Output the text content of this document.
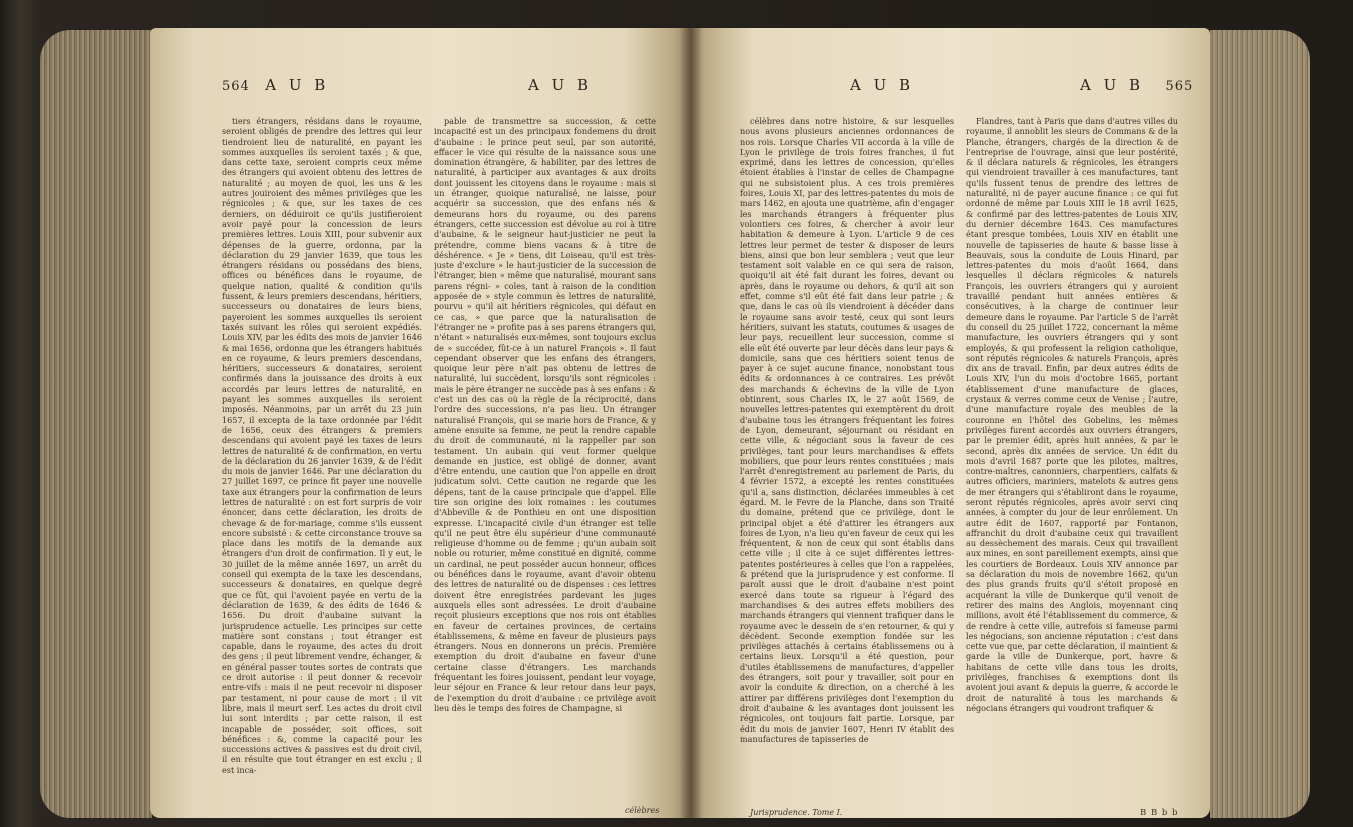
564 A U B	A U B

tiers étrangers, résidans dans le royaume, seroient obligés de prendre des lettres qui leur tiendroient lieu de naturalité, en payant les sommes auxquelles ils seroient taxés ; & que, dans cette taxe, seroient compris ceux même des étrangers qui avoient obtenu des lettres de naturalité ; au moyen de quoi, les uns & les autres jouiroient des mêmes privilèges que les régnicoles ; & que, sur les taxes de ces derniers, on déduiroit ce qu'ils justifieroient avoir payé pour la concession de leurs premières lettres. Louis XIII, pour subvenir aux dépenses de la guerre, ordonna, par la déclaration du 29 janvier 1639, que tous les étrangers résidans ou possédans des biens, offices ou bénéfices dans le royaume, de quelque nation, qualité & condition qu'ils fussent, & leurs premiers descendans, héritiers, successeurs ou donataires de leurs biens, payeroient les sommes auxquelles ils seroient taxés suivant les rôles qui seroient expédiés. Louis XIV, par les édits des mois de janvier 1646 & mai 1656, ordonna que les étrangers habitués en ce royaume, & leurs premiers descendans, héritiers, successeurs & donataires, seroient confirmés dans la jouissance des droits à eux accordés par leurs lettres de naturalité, en payant les sommes auxquelles ils seroient imposés. Néanmoins, par un arrêt du 23 juin 1657, il excepta de la taxe ordonnée par l'édit de 1656, ceux des étrangers & premiers descendans qui avoient payé les taxes de leurs lettres de naturalité & de confirmation, en vertu de la déclaration du 26 janvier 1639, & de l'édit du mois de janvier 1646. Par une déclaration du 27 juillet 1697, ce prince fit payer une nouvelle taxe aux étrangers pour la confirmation de leurs lettres de naturalité : on est fort surpris de voir énoncer, dans cette déclaration, les droits de chevage & de for-mariage, comme s'ils eussent encore subsisté : & cette circonstance trouve sa place dans les motifs de la demande aux étrangers d'un droit de confirmation. Il y eut, le 30 juillet de la même année 1697, un arrêt du conseil qui exempta de la taxe les descendans, successeurs & donataires, en quelque degré que ce fût, qui l'avoient payée en vertu de la déclaration de 1639, & des édits de 1646 & 1656. Du droit d'aubaine suivant la jurisprudence actuelle. Les principes sur cette matière sont constans ; tout étranger est capable, dans le royaume, des actes du droit des gens ; il peut librement vendre, échanger, & en général passer toutes sortes de contrats que ce droit autorise : il peut donner & recevoir entre-vifs : mais il ne peut recevoir ni disposer par testament, ni pour cause de mort : il vit libre, mais il meurt serf. Les actes du droit civil lui sont interdits ; par cette raison, il est incapable de posséder, soit offices, soit bénéfices : &, comme la capacité pour les successions actives & passives est du droit civil, il en résulte que tout étranger en est exclu ; il est inca-

pable de transmettre sa succession, & cette incapacité est un des principaux fondemens du droit d'aubaine : le prince peut seul, par son autorité, effacer le vice qui résulte de la naissance sous une domination étrangère, & habiliter, par des lettres de naturalité, à participer aux avantages & aux droits dont jouissent les citoyens dans le royaume : mais si un étranger, quoique naturalisé, ne laisse, pour acquérir sa succession, que des enfans nés & demeurans hors du royaume, ou des parens étrangers, cette succession est dévolue au roi à titre d'aubaine, & le seigneur haut-justicier ne peut la prétendre, comme biens vacans & à titre de déshérence. « Je » tiens, dit Loiseau, qu'il est très-juste d'exclure » le haut-justicier de la succession de l'étranger, bien » même que naturalisé, mourant sans parens régni- » coles, tant à raison de la condition apposée de » style commun ès lettres de naturalité, pourvu » qu'il ait héritiers régnicoles, qui défaut en ce cas, » que parce que la naturalisation de l'étranger ne » profite pas à ses parens étrangers qui, n'étant » naturalisés eux-mêmes, sont toujours exclus de » succéder, fût-ce à un naturel François ». Il faut cependant observer que les enfans des étrangers, quoique leur père n'ait pas obtenu de lettres de naturalité, lui succèdent, lorsqu'ils sont régnicoles : mais le père étranger ne succède pas à ses enfans : & c'est un des cas où la règle de la réciprocité, dans l'ordre des successions, n'a pas lieu. Un étranger naturalisé François, qui se marie hors de France, & y amène ensuite sa femme, ne peut la rendre capable du droit de communauté, ni la rappeller par son testament. Un aubain qui veut former quelque demande en justice, est obligé de donner, avant d'être entendu, une caution que l'on appelle en droit judicatum solvi. Cette caution ne regarde que les dépens, tant de la cause principale que d'appel. Elle tire son origine des loix romaines : les coutumes d'Abbeville & de Ponthieu en ont une disposition expresse. L'incapacité civile d'un étranger est telle qu'il ne peut être élu supérieur d'une communauté religieuse d'homme ou de femme ; qu'un aubain soit noble ou roturier, même constitué en dignité, comme un cardinal, ne peut posséder aucun honneur, offices ou bénéfices dans le royaume, avant d'avoir obtenu des lettres de naturalité ou de dispenses : ces lettres doivent être enregistrées pardevant les juges auxquels elles sont adressées. Le droit d'aubaine reçoit plusieurs exceptions que nos rois ont établies en faveur de certaines provinces, de certains établissemens, & même en faveur de plusieurs pays étrangers. Nous en donnerons un précis. Première exemption du droit d'aubaine en faveur d'une certaine classe d'étrangers. Les marchands fréquentant les foires jouissent, pendant leur voyage, leur séjour en France & leur retour dans leur pays, de l'exemption du droit d'aubaine : ce privilège avoit lieu dès le temps des foires de Champagne, si

célèbres
A U B	A U B 565

célèbres dans notre histoire, & sur lesquelles nous avons plusieurs anciennes ordonnances de nos rois. Lorsque Charles VII accorda à la ville de Lyon le privilège de trois foires franches, il fut exprimé, dans les lettres de concession, qu'elles étoient établies à l'instar de celles de Champagne qui ne subsistoient plus. A ces trois premières foires, Louis XI, par des lettres-patentes du mois de mars 1462, en ajouta une quatrième, afin d'engager les marchands étrangers à fréquenter plus volontiers ces foires, & chercher à avoir leur habitation & demeure à Lyon. L'article 9 de ces lettres leur permet de tester & disposer de leurs biens, ainsi que bon leur semblera ; veut que leur testament soit valable en ce qui sera de raison, quoiqu'il ait été fait durant les foires, devant ou après, dans le royaume ou dehors, & qu'il ait son effet, comme s'il eût été fait dans leur patrie ; & que, dans le cas où ils viendroient à décéder dans le royaume sans avoir testé, ceux qui sont leurs héritiers, suivant les statuts, coutumes & usages de leur pays, recueillent leur succession, comme si elle eût été ouverte par leur décès dans leur pays & domicile, sans que ces héritiers soient tenus de payer à ce sujet aucune finance, nonobstant tous édits & ordonnances à ce contraires. Les prévôt des marchands & échevins de la ville de Lyon obtinrent, sous Charles IX, le 27 août 1569, de nouvelles lettres-patentes qui exemptèrent du droit d'aubaine tous les étrangers fréquentant les foires de Lyon, demeurant, séjournant ou résidant en cette ville, & négociant sous la faveur de ces privilèges, tant pour leurs marchandises & effets mobiliers, que pour leurs rentes constituées ; mais l'arrêt d'enregistrement au parlement de Paris, du 4 février 1572, a excepté les rentes constituées qu'il a, sans distinction, déclarées immeubles à cet égard. M. le Fevre de la Planche, dans son Traité du domaine, prétend que ce privilège, dont le principal objet a été d'attirer les étrangers aux foires de Lyon, n'a lieu qu'en faveur de ceux qui les fréquentent, & non de ceux qui sont établis dans cette ville ; il cite à ce sujet différentes lettres-patentes postérieures à celles que l'on a rappelées, & prétend que la jurisprudence y est conforme. Il paroît aussi que le droit d'aubaine n'est point exercé dans toute sa rigueur à l'égard des marchandises & des autres effets mobiliers des marchands étrangers qui viennent trafiquer dans le royaume avec le dessein de s'en retourner, & qui y décèdent. Seconde exemption fondée sur les privilèges attachés à certains établissemens ou à certains lieux. Lorsqu'il a été question, pour d'utiles établissemens de manufactures, d'appeller des étrangers, soit pour y travailler, soit pour en avoir la conduite & direction, on a cherché à les attirer par différens privilèges dont l'exemption du droit d'aubaine & les avantages dont jouissent les régnicoles, ont toujours fait partie. Lorsque, par édit du mois de janvier 1607, Henri IV établit des manufactures de tapisseries de

Flandres, tant à Paris que dans d'autres villes du royaume, il annoblit les sieurs de Commans & de la Planche, étrangers, chargés de la direction & de l'entreprise de l'ouvrage, ainsi que leur postérité, & il déclara naturels & régnicoles, les étrangers qui viendroient travailler à ces manufactures, tant qu'ils fussent tenus de prendre des lettres de naturalité, ni de payer aucune finance : ce qui fut ordonné de même par Louis XIII le 18 avril 1625, & confirmé par des lettres-patentes de Louis XIV, du dernier décembre 1643. Ces manufactures étant presque tombées, Louis XIV en établit une nouvelle de tapisseries de haute & basse lisse à Beauvais, sous la conduite de Louis Hinard, par lettres-patentes du mois d'août 1664, dans lesquelles il déclara régnicoles & naturels François, les ouvriers étrangers qui y auroient travaillé pendant huit années entières & consécutives, à la charge de continuer leur demeure dans le royaume. Par l'article 5 de l'arrêt du conseil du 25 juillet 1722, concernant la même manufacture, les ouvriers étrangers qui y sont employés, & qui professent la religion catholique, sont réputés régnicoles & naturels François, après dix ans de travail. Enfin, par deux autres édits de Louis XIV, l'un du mois d'octobre 1665, portant établissement d'une manufacture de glaces, crystaux & verres comme ceux de Venise ; l'autre, d'une manufacture royale des meubles de la couronne en l'hôtel des Gobelins, les mêmes privilèges furent accordés aux ouvriers étrangers, par le premier édit, après huit années, & par le second, après dix années de service. Un édit du mois d'avril 1687 porte que les pilotes, maîtres, contre-maîtres, canonniers, charpentiers, calfats & autres officiers, mariniers, matelots & autres gens de mer étrangers qui s'établiront dans le royaume, seront réputés régnicoles, après avoir servi cinq années, à compter du jour de leur enrôlement. Un autre édit de 1607, rapporté par Fontanon, affranchit du droit d'aubaine ceux qui travaillent au dessèchement des marais. Ceux qui travaillent aux mines, en sont pareillement exempts, ainsi que les courtiers de Bordeaux. Louis XIV annonce par sa déclaration du mois de novembre 1662, qu'un des plus grands fruits qu'il s'étoit proposé en acquérant la ville de Dunkerque qu'il venoit de retirer des mains des Anglois, moyennant cinq millions, avoit été l'établissement du commerce, & de rendre à cette ville, autrefois si fameuse parmi les négocians, son ancienne réputation : c'est dans cette vue que, par cette déclaration, il maintient & garde la ville de Dunkerque, port, havre & habitans de cette ville dans tous les droits, privilèges, franchises & exemptions dont ils avoient joui avant & depuis la guerre, & accorde le droit de naturalité à tous les marchands & négocians étrangers qui voudront trafiquer &

Jurisprudence. Tome I.	B B b b
